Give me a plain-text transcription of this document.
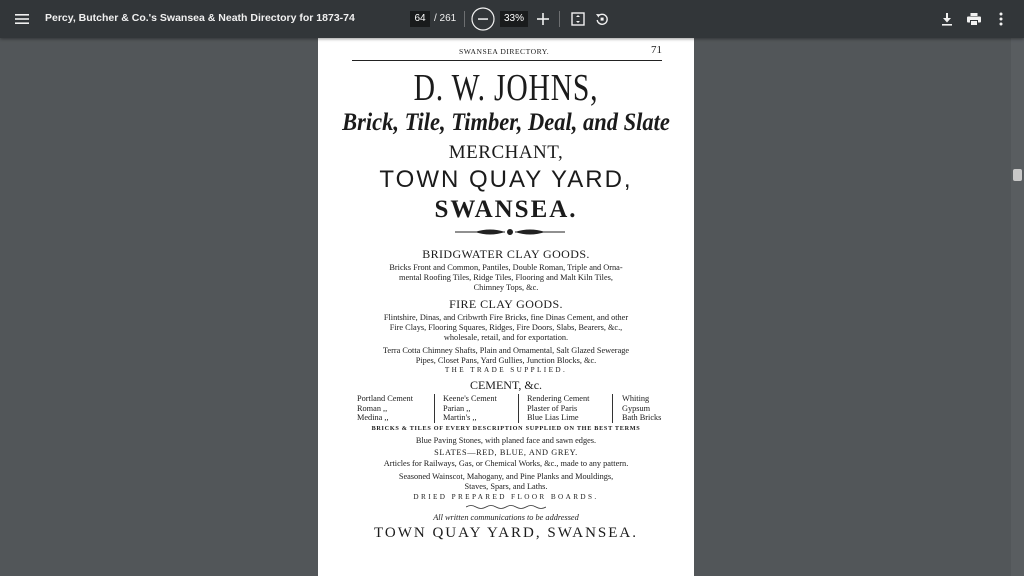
Percy, Butcher & Co.'s Swansea & Neath Directory for 1873-74
64	/ 261
33%
SWANSEA DIRECTORY.	71
D. W. JOHNS,
Brick, Tile, Timber, Deal, and Slate
MERCHANT,
TOWN QUAY YARD,
SWANSEA.
BRIDGWATER CLAY GOODS.
Bricks Front and Common, Pantiles, Double Roman, Triple and Orna-
mental Roofing Tiles, Ridge Tiles, Flooring and Malt Kiln Tiles,
Chimney Tops, &c.
FIRE CLAY GOODS.
Flintshire, Dinas, and Cribwrth Fire Bricks, fine Dinas Cement, and other
Fire Clays, Flooring Squares, Ridges, Fire Doors, Slabs, Bearers, &c.,
wholesale, retail, and for exportation.
Terra Cotta Chimney Shafts, Plain and Ornamental, Salt Glazed Sewerage
Pipes, Closet Pans, Yard Gullies, Junction Blocks, &c.
THE TRADE SUPPLIED.
CEMENT, &c.
Portland Cement
Roman ,,
Medina ,,
Keene's Cement
Parian ,,
Martin's ,,
Rendering Cement
Plaster of Paris
Blue Lias Lime
Whiting
Gypsum
Bath Bricks
BRICKS & TILES OF EVERY DESCRIPTION SUPPLIED ON THE BEST TERMS
Blue Paving Stones, with planed face and sawn edges.
SLATES—RED, BLUE, AND GREY.
Articles for Railways, Gas, or Chemical Works, &c., made to any pattern.
Seasoned Wainscot, Mahogany, and Pine Planks and Mouldings,
Staves, Spars, and Laths.
DRIED PREPARED FLOOR BOARDS.
All written communications to be addressed
TOWN QUAY YARD, SWANSEA.
